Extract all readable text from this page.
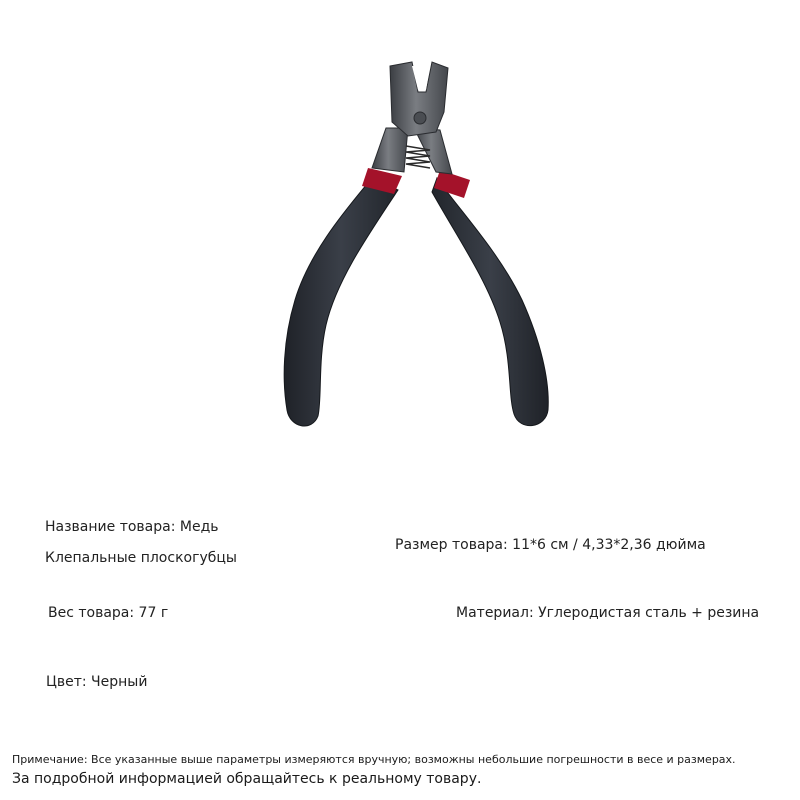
Название товара: Медь
Клепальные плоскогубцы
Размер товара: 11*6 см / 4,33*2,36 дюйма
Вес товара: 77 г	Материал: Углеродистая сталь + резина
Цвет: Черный
Примечание: Все указанные выше параметры измеряются вручную; возможны небольшие погрешности в весе и размерах.
За подробной информацией обращайтесь к реальному товару.
